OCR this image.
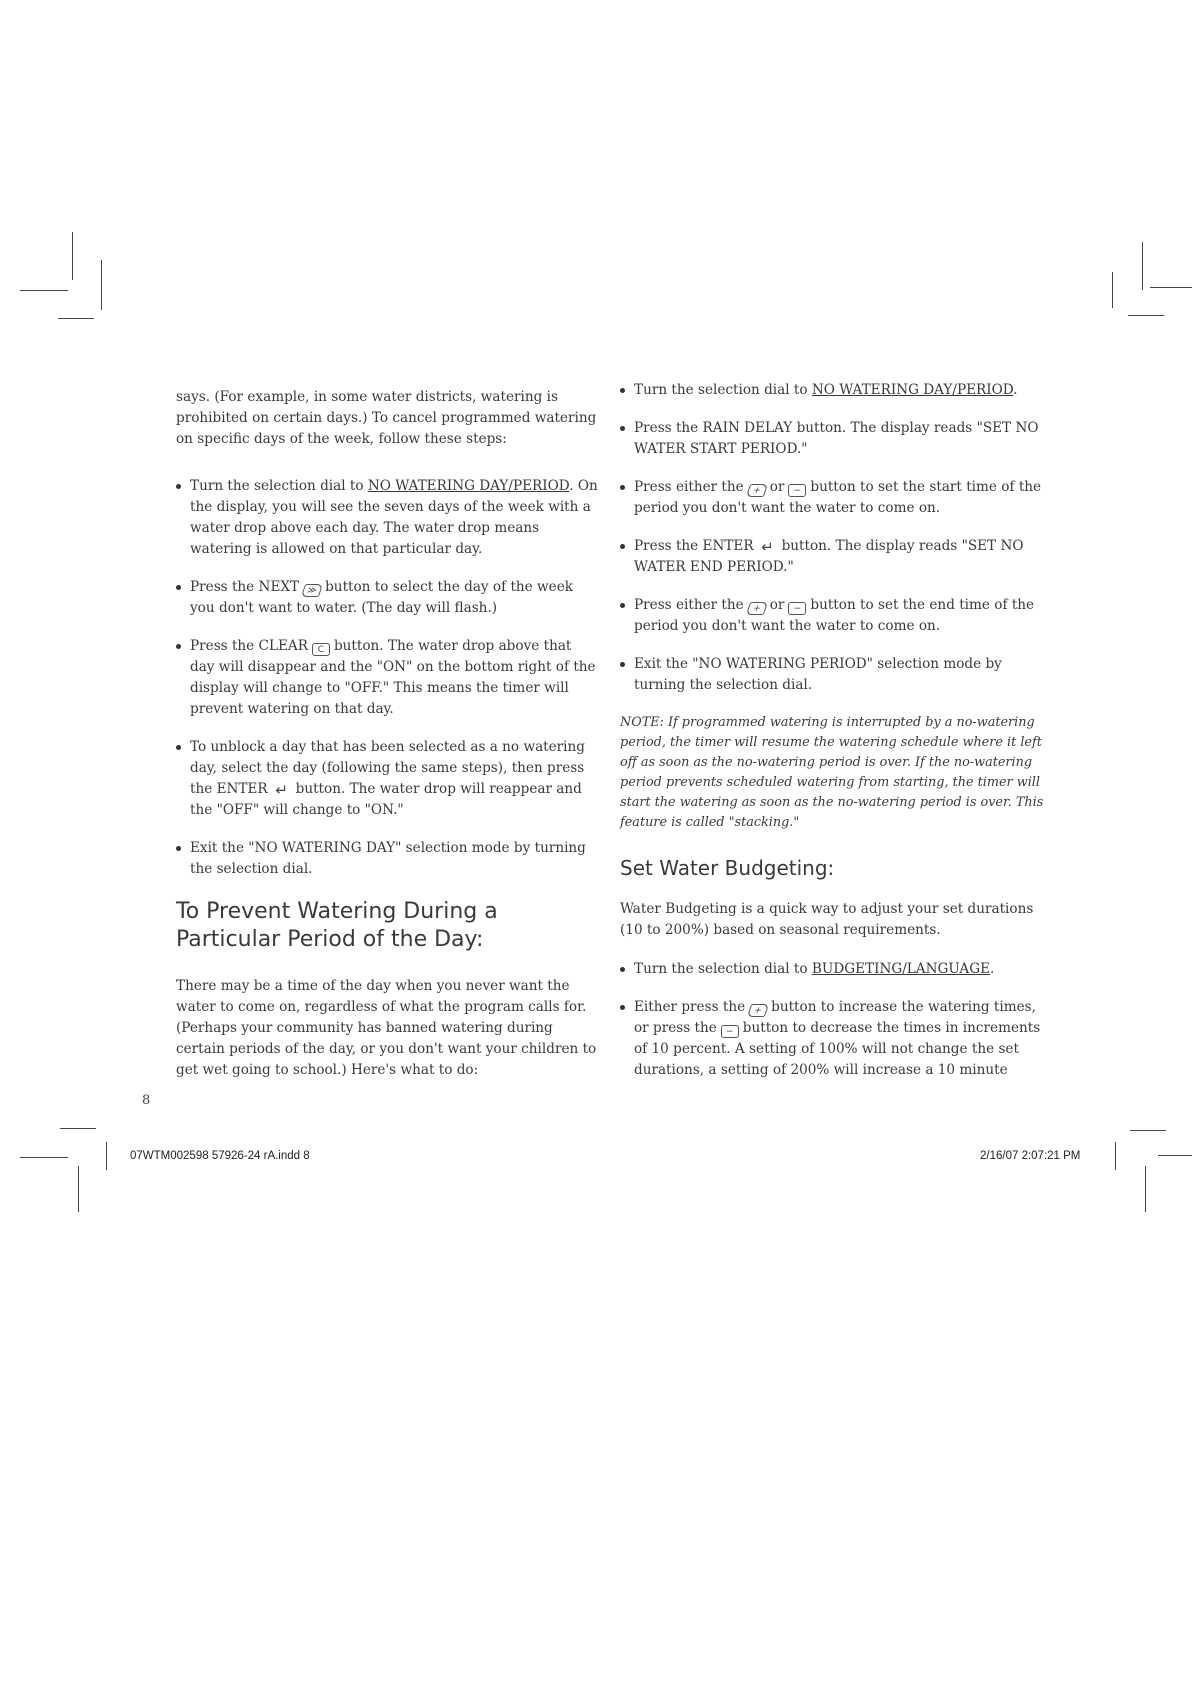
says. (For example, in some water districts, watering is prohibited on certain days.) To cancel programmed watering on specific days of the week, follow these steps:

Turn the selection dial to NO WATERING DAY/PERIOD. On the display, you will see the seven days of the week with a water drop above each day. The water drop means watering is allowed on that particular day.
Press the NEXT ≫ button to select the day of the week you don't want to water. (The day will flash.)
Press the CLEAR C button. The water drop above that day will disappear and the "ON" on the bottom right of the display will change to "OFF." This means the timer will prevent watering on that day.
To unblock a day that has been selected as a no watering day, select the day (following the same steps), then press the ENTER ↵ button. The water drop will reappear and the "OFF" will change to "ON."
Exit the "NO WATERING DAY" selection mode by turning the selection dial.
To Prevent Watering During a Particular Period of the Day:

There may be a time of the day when you never want the water to come on, regardless of what the program calls for. (Perhaps your community has banned watering during certain periods of the day, or you don't want your children to get wet going to school.) Here's what to do:

Turn the selection dial to NO WATERING DAY/PERIOD.
Press the RAIN DELAY button. The display reads "SET NO WATER START PERIOD."
Press either the + or − button to set the start time of the period you don't want the water to come on.
Press the ENTER ↵ button. The display reads "SET NO WATER END PERIOD."
Press either the + or − button to set the end time of the period you don't want the water to come on.
Exit the "NO WATERING PERIOD" selection mode by turning the selection dial.

NOTE: If programmed watering is interrupted by a no-watering period, the timer will resume the watering schedule where it left off as soon as the no-watering period is over. If the no-watering period prevents scheduled watering from starting, the timer will start the watering as soon as the no-watering period is over. This feature is called "stacking."

Set Water Budgeting:

Water Budgeting is a quick way to adjust your set durations (10 to 200%) based on seasonal requirements.

Turn the selection dial to BUDGETING/LANGUAGE.
Either press the + button to increase the watering times, or press the − button to decrease the times in increments of 10 percent. A setting of 100% will not change the set durations, a setting of 200% will increase a 10 minute
8
07WTM002598 57926-24 rA.indd 8	2/16/07 2:07:21 PM
